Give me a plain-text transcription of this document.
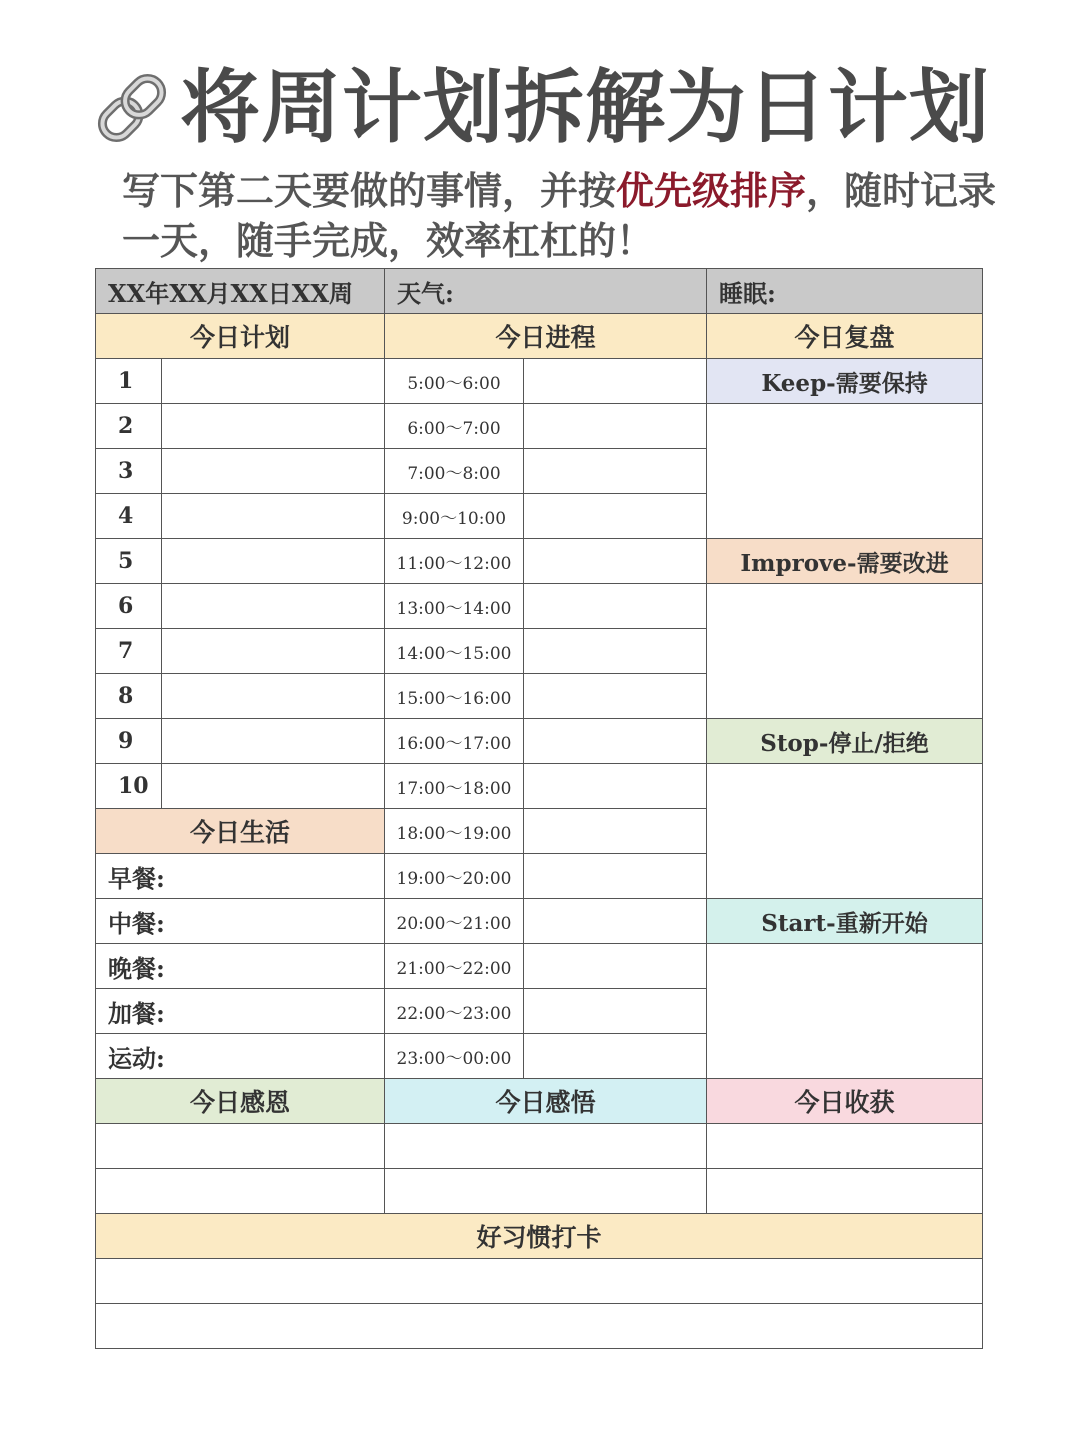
将周计划拆解为日计划
写下第二天要做的事情，并按优先级排序，随时记录一天，随手完成，效率杠杠的！
XX年XX月XX日XX周		天气:		睡眠:
今日计划		今日进程		今日复盘
1		5:00～6:00		Keep-需要保持
2		6:00～7:00		
3		7:00～8:00		
4		9:00～10:00		
5		11:00～12:00		Improve-需要改进
6		13:00～14:00		
7		14:00～15:00		
8		15:00～16:00		
9		16:00～17:00		Stop-停止/拒绝
10		17:00～18:00		
今日生活		18:00～19:00		
早餐:		19:00～20:00		
中餐:		20:00～21:00		Start-重新开始
晚餐:		21:00～22:00		
加餐:		22:00～23:00		
运动:		23:00～00:00		
今日感恩		今日感悟		今日收获

好习惯打卡				
